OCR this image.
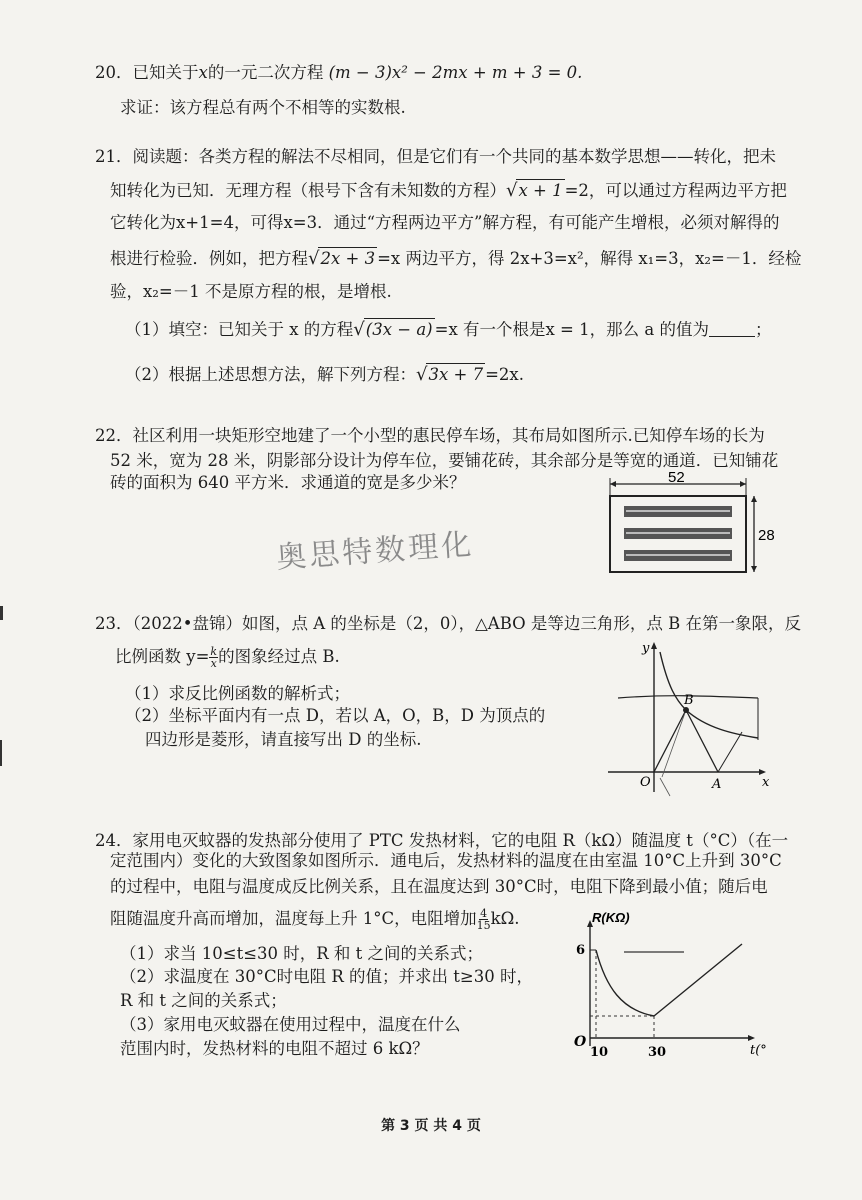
20．已知关于x的一元二次方程 (m − 3)x² − 2mx + m + 3 = 0.
求证：该方程总有两个不相等的实数根.
21．阅读题：各类方程的解法不尽相同，但是它们有一个共同的基本数学思想——转化，把未
知转化为已知．无理方程（根号下含有未知数的方程）√x + 1 =2，可以通过方程两边平方把
它转化为x+1=4，可得x=3．通过“方程两边平方”解方程，有可能产生增根，必须对解得的
根进行检验．例如，把方程√2x + 3 =x 两边平方，得 2x+3=x²，解得 x₁=3，x₂=－1．经检
验，x₂=－1 不是原方程的根，是增根.
（1）填空：已知关于 x 的方程√(3x − a) =x 有一个根是x = 1，那么 a 的值为	；
（2）根据上述思想方法，解下列方程：√3x + 7 =2x.
22．社区利用一块矩形空地建了一个小型的惠民停车场，其布局如图所示.已知停车场的长为
52 米，宽为 28 米，阴影部分设计为停车位，要铺花砖，其余部分是等宽的通道．已知铺花
砖的面积为 640 平方米．求通道的宽是多少米？	52
28
奥思特数理化
23．（2022•盘锦）如图，点 A 的坐标是（2，0），△ABO 是等边三角形，点 B 在第一象限，反
比例函数 $y= \frac{k}{x}$ 的图象经过点 B.
（1）求反比例函数的解析式；
（2）坐标平面内有一点 D，若以 A，O，B，D 为顶点的
四边形是菱形，请直接写出 D 的坐标.
y
x
O	A
B
24．家用电灭蚊器的发热部分使用了 PTC 发热材料，它的电阻 R（kΩ）随温度 t（°C）（在一
定范围内）变化的大致图象如图所示．通电后，发热材料的温度在由室温 10°C上升到 30°C
的过程中，电阻与温度成反比例关系，且在温度达到 30°C时，电阻下降到最小值；随后电
阻随温度升高而增加，温度每上升 1°C，电阻增加 $\frac{4}{15} k\Omega$.
（1）求当 10≤t≤30 时，R 和 t 之间的关系式；
（2）求温度在 30°C时电阻 R 的值；并求出 t≥30 时，
R 和 t 之间的关系式；
（3）家用电灭蚊器在使用过程中，温度在什么
范围内时，发热材料的电阻不超过 6 kΩ？
R(KΩ)
6
O
10	30	t(°
第 3 页 共 4 页
